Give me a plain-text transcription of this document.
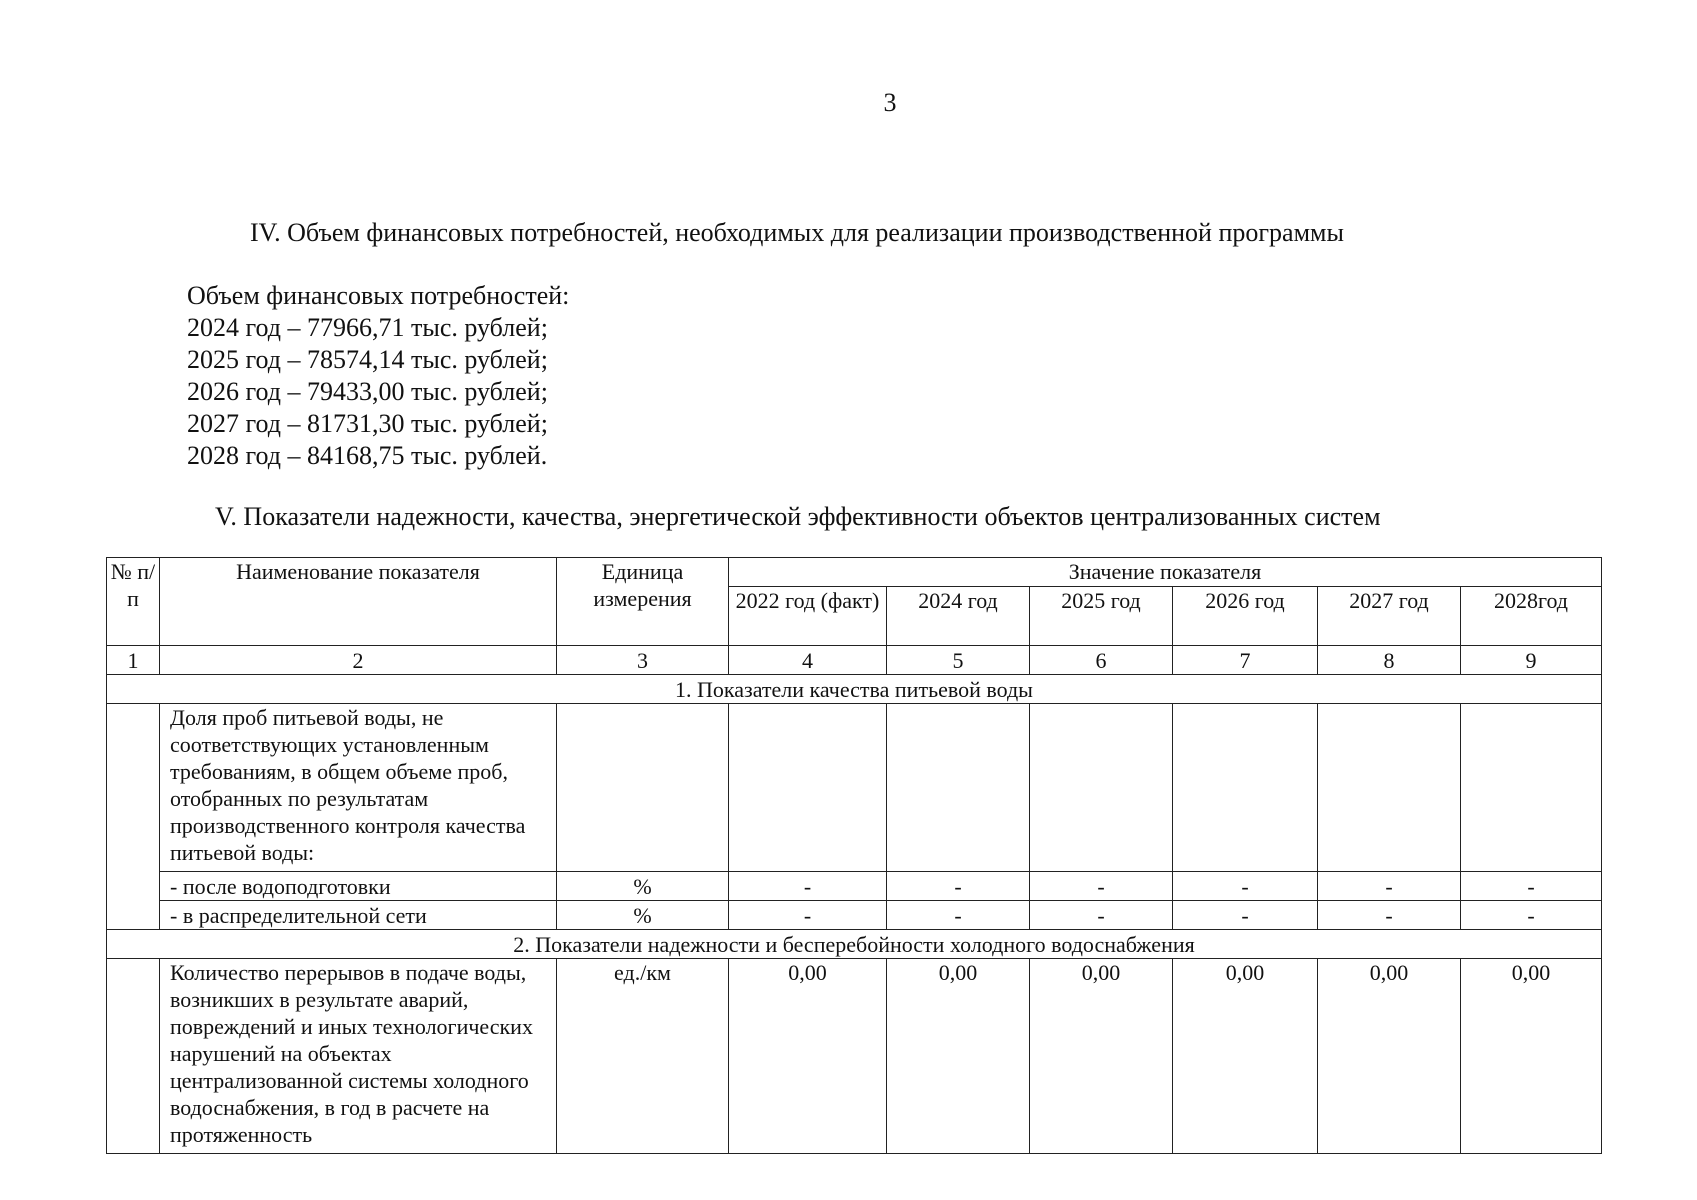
3
IV. Объем финансовых потребностей, необходимых для реализации производственной программы
Объем финансовых потребностей:
2024 год – 77966,71 тыс. рублей;
2025 год – 78574,14 тыс. рублей;
2026 год – 79433,00 тыс. рублей;
2027 год – 81731,30 тыс. рублей;
2028 год – 84168,75 тыс. рублей.
V. Показатели надежности, качества, энергетической эффективности объектов централизованных систем
№ п/п	Наименование показателя	Единица измерения	Значение показателя					
			2022 год (факт)	2024 год	2025 год	2026 год	2027 год	2028год
1	2	3	4	5	6	7	8	9
1. Показатели качества питьевой воды								
	Доля проб питьевой воды, не соответствующих установленным требованиям, в общем объеме проб, отобранных по результатам производственного контроля качества питьевой воды:							
	- после водоподготовки	%	-	-	-	-	-	-
	- в распределительной сети	%	-	-	-	-	-	-
2. Показатели надежности и бесперебойности холодного водоснабжения								
	Количество перерывов в подаче воды, возникших в результате аварий, повреждений и иных технологических нарушений на объектах централизованной системы холодного водоснабжения, в год в расчете на протяженность	ед./км	0,00	0,00	0,00	0,00	0,00	0,00
